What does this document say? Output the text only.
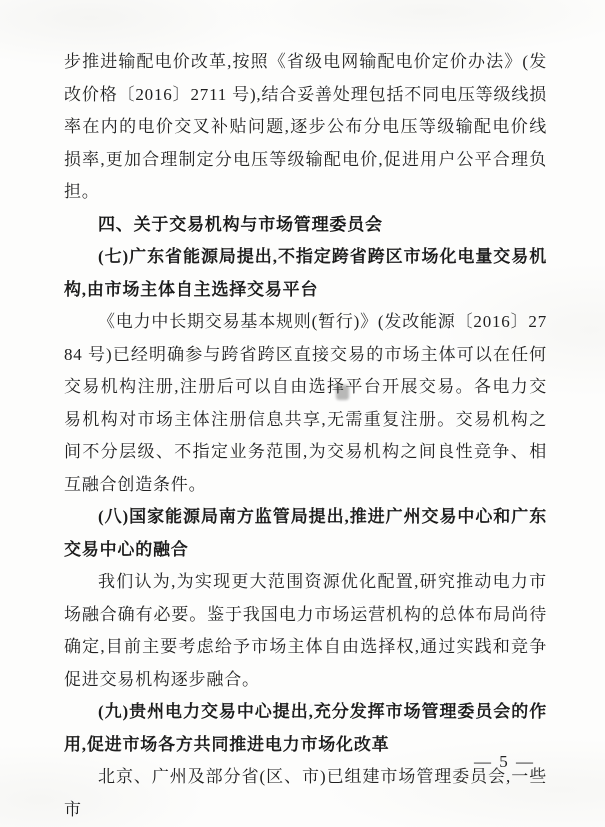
步推进输配电价改革,按照《省级电网输配电价定价办法》(发改价格〔2016〕2711 号),结合妥善处理包括不同电压等级线损率在内的电价交叉补贴问题,逐步公布分电压等级输配电价线损率,更加合理制定分电压等级输配电价,促进用户公平合理负担。

四、关于交易机构与市场管理委员会

(七)广东省能源局提出,不指定跨省跨区市场化电量交易机构,由市场主体自主选择交易平台

《电力中长期交易基本规则(暂行)》(发改能源〔2016〕2784 号)已经明确参与跨省跨区直接交易的市场主体可以在任何交易机构注册,注册后可以自由选择平台开展交易。各电力交易机构对市场主体注册信息共享,无需重复注册。交易机构之间不分层级、不指定业务范围,为交易机构之间良性竞争、相互融合创造条件。

(八)国家能源局南方监管局提出,推进广州交易中心和广东交易中心的融合

我们认为,为实现更大范围资源优化配置,研究推动电力市场融合确有必要。鉴于我国电力市场运营机构的总体布局尚待确定,目前主要考虑给予市场主体自由选择权,通过实践和竞争促进交易机构逐步融合。

(九)贵州电力交易中心提出,充分发挥市场管理委员会的作用,促进市场各方共同推进电力市场化改革

北京、广州及部分省(区、市)已组建市场管理委员会,一些市

— 5 —
